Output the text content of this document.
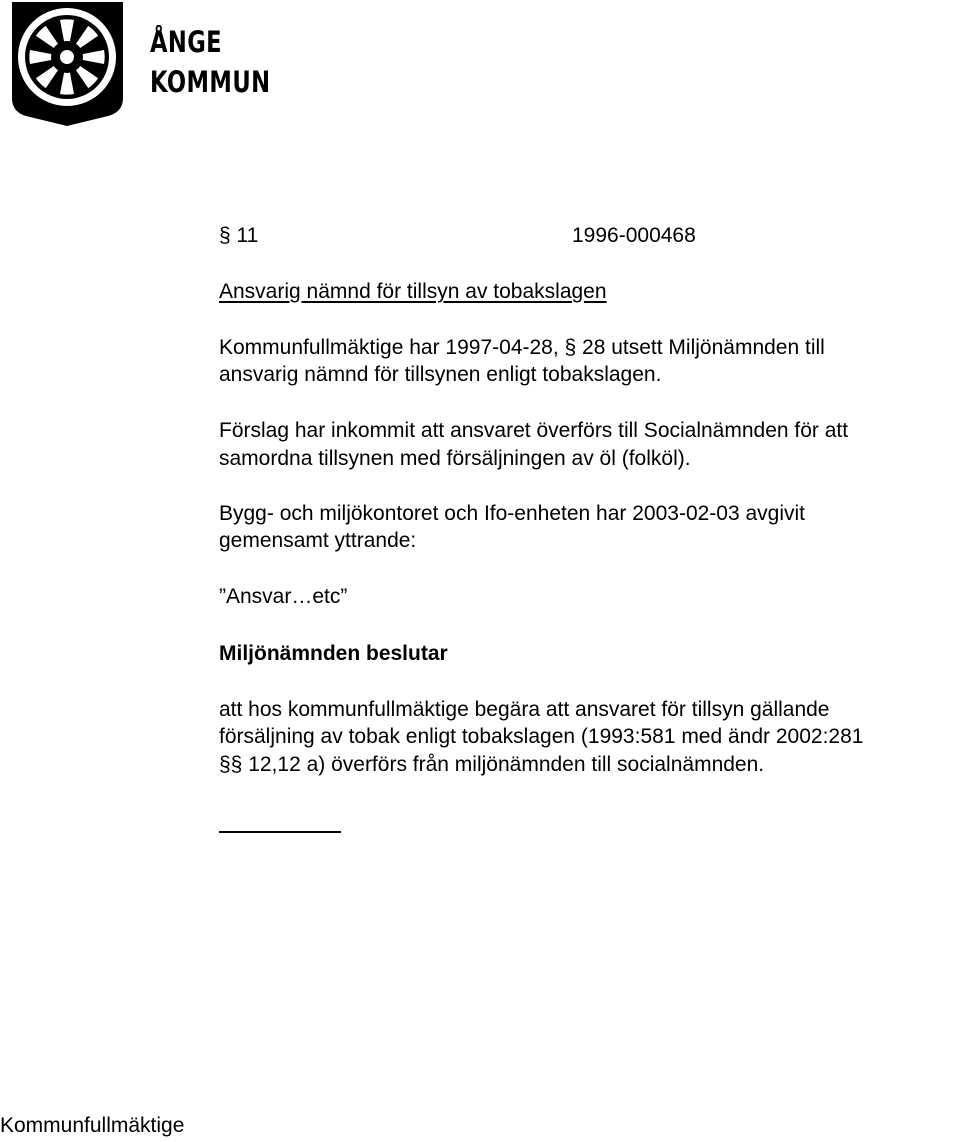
ÅNGE
KOMMUN
§ 11	1996-000468
Ansvarig nämnd för tillsyn av tobakslagen
Kommunfullmäktige har 1997-04-28, § 28 utsett Miljönämnden till
ansvarig nämnd för tillsynen enligt tobakslagen.
Förslag har inkommit att ansvaret överförs till Socialnämnden för att
samordna tillsynen med försäljningen av öl (folköl).
Bygg- och miljökontoret och Ifo-enheten har 2003-02-03 avgivit
gemensamt yttrande:
”Ansvar…etc”
Miljönämnden beslutar
att hos kommunfullmäktige begära att ansvaret för tillsyn gällande
försäljning av tobak enligt tobakslagen (1993:581 med ändr 2002:281
§§ 12,12 a) överförs från miljönämnden till socialnämnden.
Kommunfullmäktige
